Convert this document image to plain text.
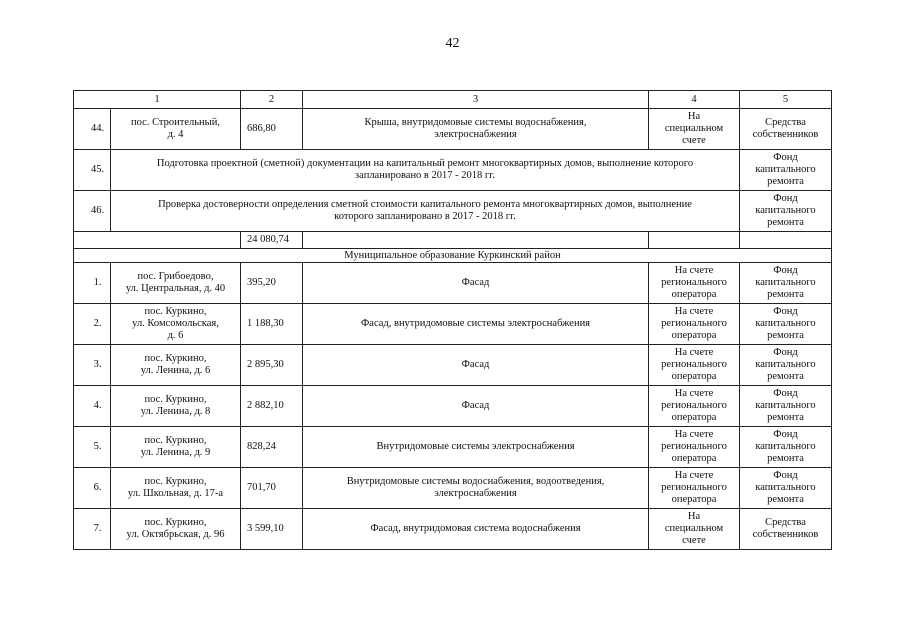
42
1		2	3	4	5
44.	пос. Строительный,
д. 4	686,80	Крыша, внутридомовые системы водоснабжения,
электроснабжения	На
специальном
счете	Средства
собственников
45.	Подготовка проектной (сметной) документации на капитальный ремонт многоквартирных домов, выполнение которого
запланировано в 2017 - 2018 гг.				Фонд
капитального
ремонта
46.	Проверка достоверности определения сметной стоимости капитального ремонта многоквартирных домов, выполнение
которого запланировано в 2017 - 2018 гг.				Фонд
капитального
ремонта
		24 080,74			
Муниципальное образование Куркинский район					
1.	пос. Грибоедово,
ул. Центральная, д. 40	395,20	Фасад	На счете
регионального
оператора	Фонд
капитального
ремонта
2.	пос. Куркино,
ул. Комсомольская,
д. 6	1 188,30	Фасад, внутридомовые системы электроснабжения	На счете
регионального
оператора	Фонд
капитального
ремонта
3.	пос. Куркино,
ул. Ленина, д. 6	2 895,30	Фасад	На счете
регионального
оператора	Фонд
капитального
ремонта
4.	пос. Куркино,
ул. Ленина, д. 8	2 882,10	Фасад	На счете
регионального
оператора	Фонд
капитального
ремонта
5.	пос. Куркино,
ул. Ленина, д. 9	828,24	Внутридомовые системы электроснабжения	На счете
регионального
оператора	Фонд
капитального
ремонта
6.	пос. Куркино,
ул. Школьная, д. 17-а	701,70	Внутридомовые системы водоснабжения, водоотведения,
электроснабжения	На счете
регионального
оператора	Фонд
капитального
ремонта
7.	пос. Куркино,
ул. Октябрьская, д. 96	3 599,10	Фасад, внутридомовая система водоснабжения	На
специальном
счете	Средства
собственников
